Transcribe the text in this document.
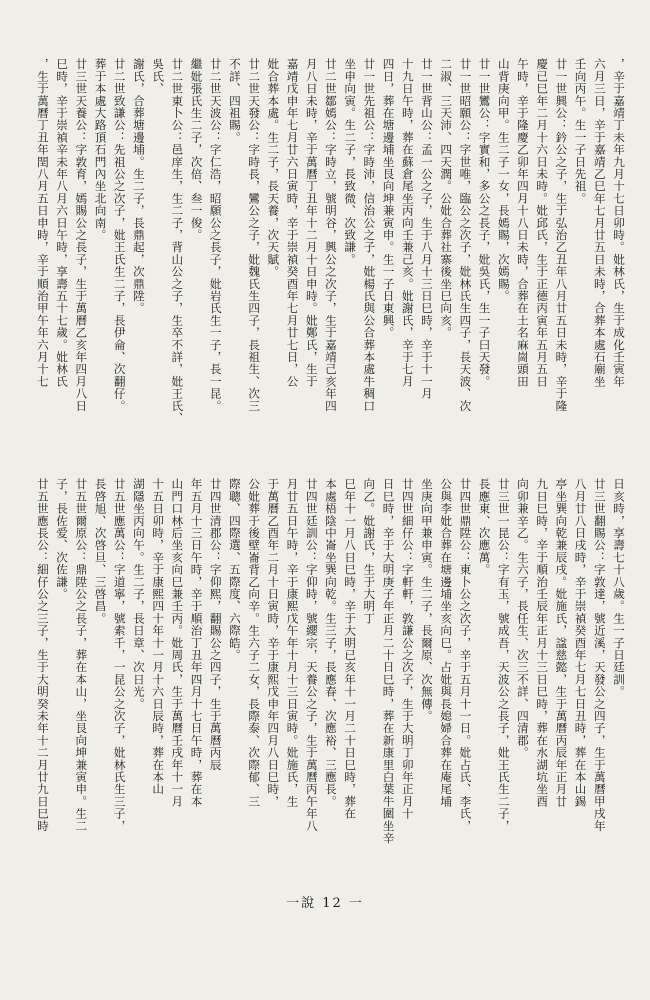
，辛于嘉靖丁未年九月十七日卯時。妣林氏，生于成化壬寅年
六月三日，辛于嘉靖乙巳年七月廿五日未時，合葬本處石廟坐
壬向丙午。生一子日先祖。
廿一世興公：鈐公之子，生于弘治乙丑年八月廿五日未時，辛于隆
慶已巳年二月十六日未時。妣邱氏，生于正德丙寅年五月五日
午時，辛于隆慶乙卯年四月十八日未時，合葬在土名麻崗頭田
山背庚向甲。生二子一女，長嫣賜，次嫣賜。
廿一世鸞公：字實和，多公之長子，妣吳氏，生一子曰天發。
廿一世昭願公：字世唯，臨公之次子，妣林氏生四子，長天波、次
二淑、三天沛、四天潤。公妣合葬社寨後坐巳向亥。
廿一世背山公：孟一公之子，生于八月十三日巳時，辛于十一月
十九日午時，葬在蘇倉尾坐丙向壬兼己亥。妣謝氏，辛于七月
四日，葬在塘邊埔坐艮向坤兼寅申。生一子日東興。
廿一世先祖公：字時沛，信治公之子，妣楊氏與公合葬本處牛稠口
坐申向寅。生二子，長致微、次致謙。
廿二世鄒嫣公：字時立，號明谷，興公之次子，生于嘉靖己亥年四
月八日未時，辛于萬曆丁丑年十二月十日申時。妣鄭氏，生于
嘉靖戊申年七月廿六日寅時，辛于崇禎癸酉年七月廿七日，公
妣合葬本處。生二子，長天養，次天賦。
廿二世天發公：字時長，鸞公之子，妣魏氏生四子，長祖生、次三
不詳、四祖賜。
廿二世天波公：字仁浩，昭願公之長子，妣岩氏生一子，長一昆。
繼妣張氏生二子，次倍、叁一俊。
廿二世東卜公：邑庠生，生二子，背山公之子，生卒不詳，妣王氏、吳氏、
謝氏，合葬塘邊埔。生二子，長鼎起，次鼎陞。
廿二世致謙公：先祖公之次子，妣王氏生二子，長伊侖、次翻仔。
葬于本處大路頂石門內坐北向南。
廿三世天養公：字敦育，嫣賜公之長子，生于萬曆乙亥年四月八日
巳時，辛于崇禎辛未年八月六日午時，享壽五十七歲。妣林氏
，生于萬曆丁丑年閏八月五日申時，辛于順治甲午年六月十七
日亥時，享壽七十八歲。生一子日廷訓。
廿三世翻賜公：字敦達，號近溪，天發公之四子，生于萬曆甲戌年
八月廿八日戌時，辛于崇禎癸酉年七月七日丑時，葬在本山錫
亭坐巽向乾兼辰戌。妣施氏，諡慈懿，生于萬曆丙辰年正月廿
九日巳時，辛于順治壬辰年正月十三日巳時，葬在水湖坑坐酉
向卯兼辛乙。生六子，長任生、次三不詳、四清郡。
廿三世一昆公：字有玉，號成吾，天波公之長子，妣王氏生二子，
長應東、次應萬。
廿四世鼎陞公：東卜公之次子，辛于五月十一日。妣占氏、李氏，
公與李妣合葬在塘邊埔坐亥向巳。占妣與長媳婦合葬在庵尾埔
坐庚向甲兼申寅。生二子，長爾原、次無傳。
廿四世細仔公：字軒軒，敦謙公之次子，生于大明丁卯年正月十
日巳時，辛于大明庚子年正月二十日巳時，葬在新康里白葉牛圍坐辛向乙。妣謝氏，生于大明丁
巳年十一月八日巳時，辛于大明已亥年十一月二十日巳時，葬在
本處梧陰中崙坐巽向乾。生三子，長應春、次應裕、三應長。
廿四世廷訓公：字仰時，號纓宗，天養公之子，生于萬曆丙午年八
月廿五日午時，辛于康熙戊午年十月十三日寅時。妣施氏，生
于萬曆乙酉年二月十日寅時，辛于康熙戊申年四月八日巳時，
公妣葬于後壁崙背乙向辛。生六子二女，長際泰、次際郁、三
際聰、四際選、五際度、六際皓。
廿四世清郡公：字仰熙，翻賜公之四子，生于萬曆丙辰
年五月十三日午時，辛于順治丁丑年四月十七日午時，葬在本
山門口林后坐亥向巳兼壬丙。妣周氏，生于萬曆壬戌年十一月
十五日卯時，辛于康熙四十年十一月十六日辰時，葬在本山
湖隱坐丙向午。生二子，長日章、次日光。
廿五世應萬公：字道寧，號索千，一昆公之次子，妣林氏生三子，
長啓旭、次啓旦、三啓昌。
廿五世爾原公：鼎陞公之長子，葬在本山，坐艮向坤兼寅申。生二
子，長佐爱、次佐謙。
廿五世應長公：細仔公之三子，生于大明癸未年十二月廿九日巳時
一說 12 一
